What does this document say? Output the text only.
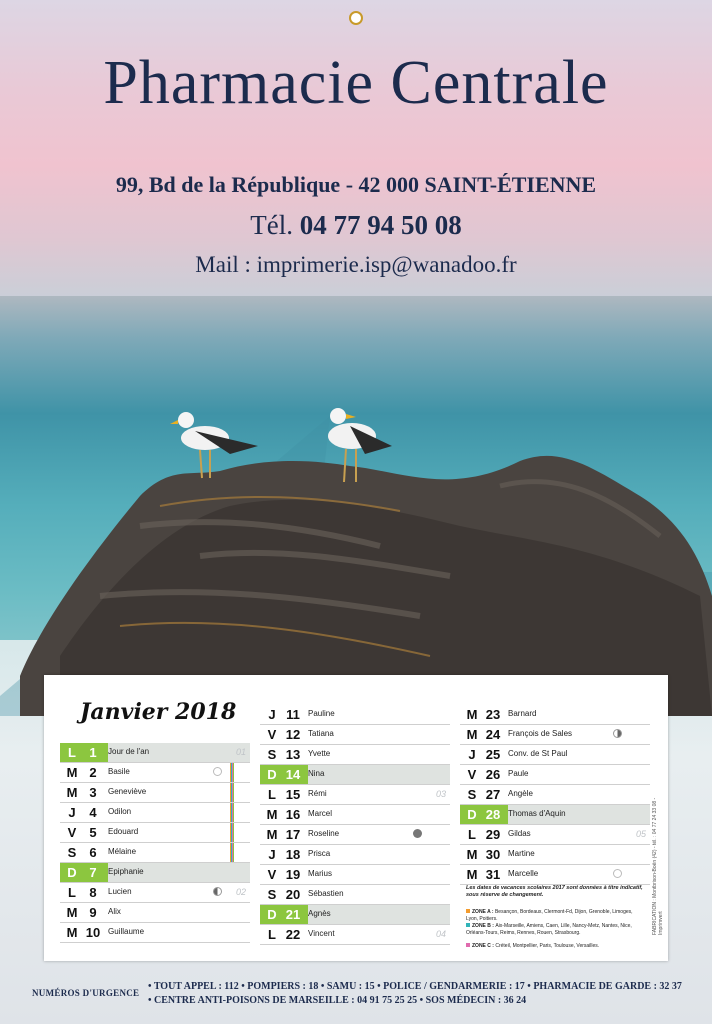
Pharmacie Centrale
99, Bd de la République - 42 000 SAINT-ÉTIENNE
Tél. 04 77 94 50 08
Mail : imprimerie.isp@wanadoo.fr
Janvier 2018
L	1	Jour de l'an	01
M 2	Basile
M 3	Geneviève
J	4	Odilon
V	5	Edouard
S	6	Mélaine
D 7	Epiphanie
L	8	Lucien	02
M 9	Alix
M 10 Guillaume
J 11	Pauline
V 12 Tatiana
S 13 Yvette
D 14 Nina
L 15 Rémi	03
M 16 Marcel
M 17 Roseline
J 18 Prisca
V 19 Marius
S 20 Sébastien
D 21 Agnès
L 22 Vincent	04
M 23 Barnard
M 24 François de Sales
J 25 Conv. de St Paul
V 26 Paule
S 27 Angèle
D 28 Thomas d'Aquin
L 29 Gildas	05
M 30 Martine
M 31 Marcelle
Les dates de vacances scolaires 2017 sont données à titre indicatif, sous réserve de changement.
ZONE A : Besançon, Bordeaux, Clermont-Fd, Dijon, Grenoble, Limoges, Lyon, Poitiers.
ZONE B : Aix-Marseille, Amiens, Caen, Lille, Nancy-Metz, Nantes, Nice, Orléans-Tours, Reims, Rennes, Rouen, Strasbourg.
ZONE C : Créteil, Montpellier, Paris, Toulouse, Versailles.
FABRICATION : Montbrison-Boën (42) - tél. : 04 77 24 33 08 - Imprimvert
NUMÉROS D'URGENCE
• TOUT APPEL : 112 • POMPIERS : 18 • SAMU : 15 • POLICE / GENDARMERIE : 17 • PHARMACIE DE GARDE : 32 37
• CENTRE ANTI-POISONS DE MARSEILLE : 04 91 75 25 25 • SOS MÉDECIN : 36 24
